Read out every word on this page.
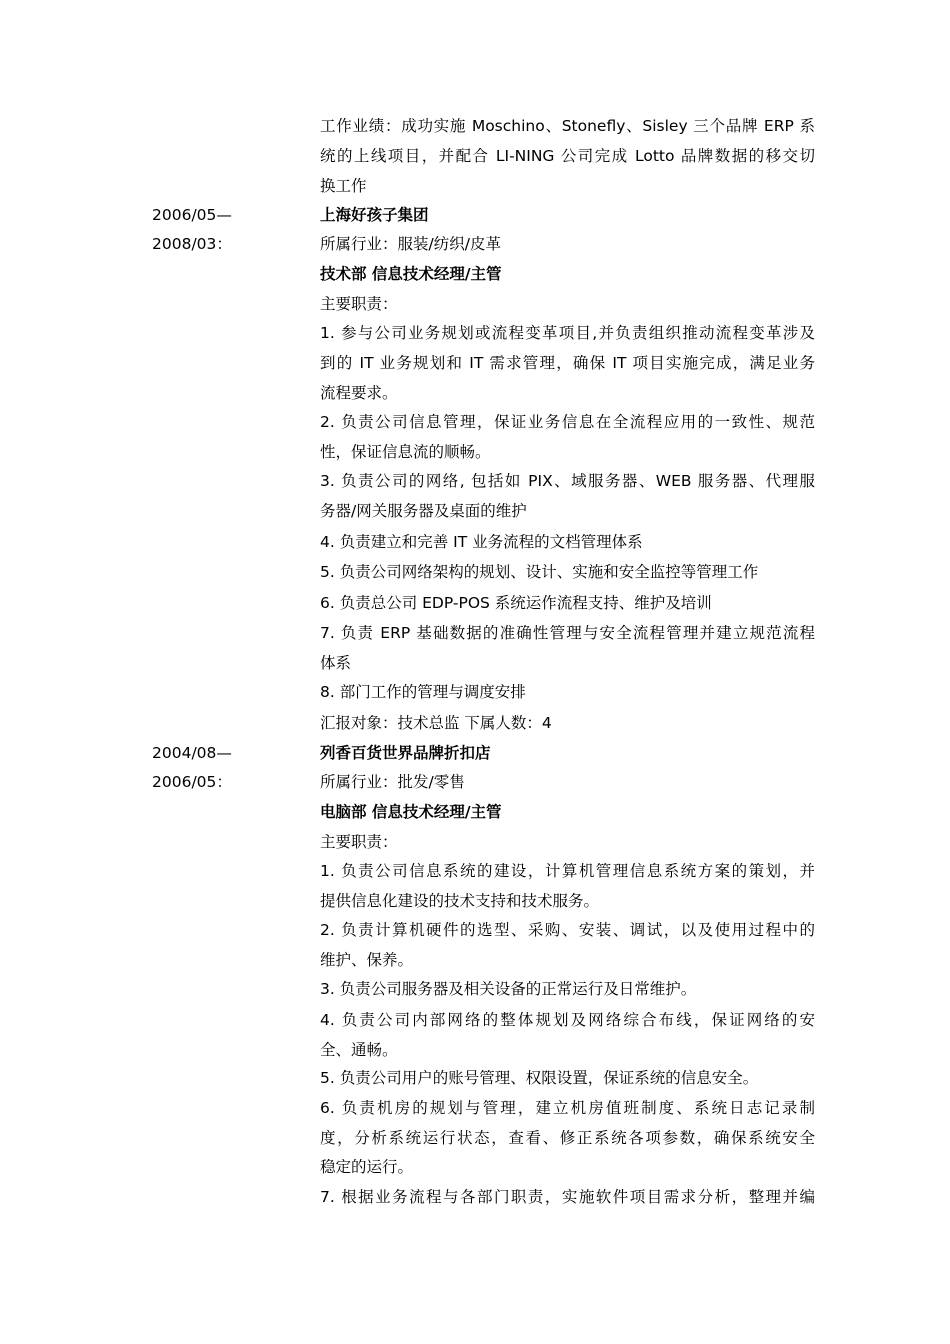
工作业绩：成功实施 Moschino、Stonefly、Sisley 三个品牌 ERP 系
统的上线项目，并配合 LI-NING 公司完成 Lotto 品牌数据的移交切
换工作
2006/05—
2008/03：
上海好孩子集团
所属行业：服装/纺织/皮革
技术部 信息技术经理/主管
主要职责：
1. 参与公司业务规划或流程变革项目,并负责组织推动流程变革涉及
到的 IT 业务规划和 IT 需求管理，确保 IT 项目实施完成，满足业务
流程要求。
2. 负责公司信息管理，保证业务信息在全流程应用的一致性、规范
性，保证信息流的顺畅。
3. 负责公司的网络, 包括如 PIX、域服务器、WEB 服务器、代理服
务器/网关服务器及桌面的维护
4. 负责建立和完善 IT 业务流程的文档管理体系
5. 负责公司网络架构的规划、设计、实施和安全监控等管理工作
6. 负责总公司 EDP-POS 系统运作流程支持、维护及培训
7. 负责 ERP 基础数据的准确性管理与安全流程管理并建立规范流程
体系
8. 部门工作的管理与调度安排
汇报对象：技术总监 下属人数：4
2004/08—
2006/05：
列香百货世界品牌折扣店
所属行业：批发/零售
电脑部 信息技术经理/主管
主要职责：
1. 负责公司信息系统的建设，计算机管理信息系统方案的策划，并
提供信息化建设的技术支持和技术服务。
2. 负责计算机硬件的选型、采购、安装、调试，以及使用过程中的
维护、保养。
3. 负责公司服务器及相关设备的正常运行及日常维护。
4. 负责公司内部网络的整体规划及网络综合布线，保证网络的安
全、通畅。
5. 负责公司用户的账号管理、权限设置，保证系统的信息安全。
6. 负责机房的规划与管理，建立机房值班制度、系统日志记录制
度，分析系统运行状态，查看、修正系统各项参数，确保系统安全
稳定的运行。
7. 根据业务流程与各部门职责，实施软件项目需求分析，整理并编
